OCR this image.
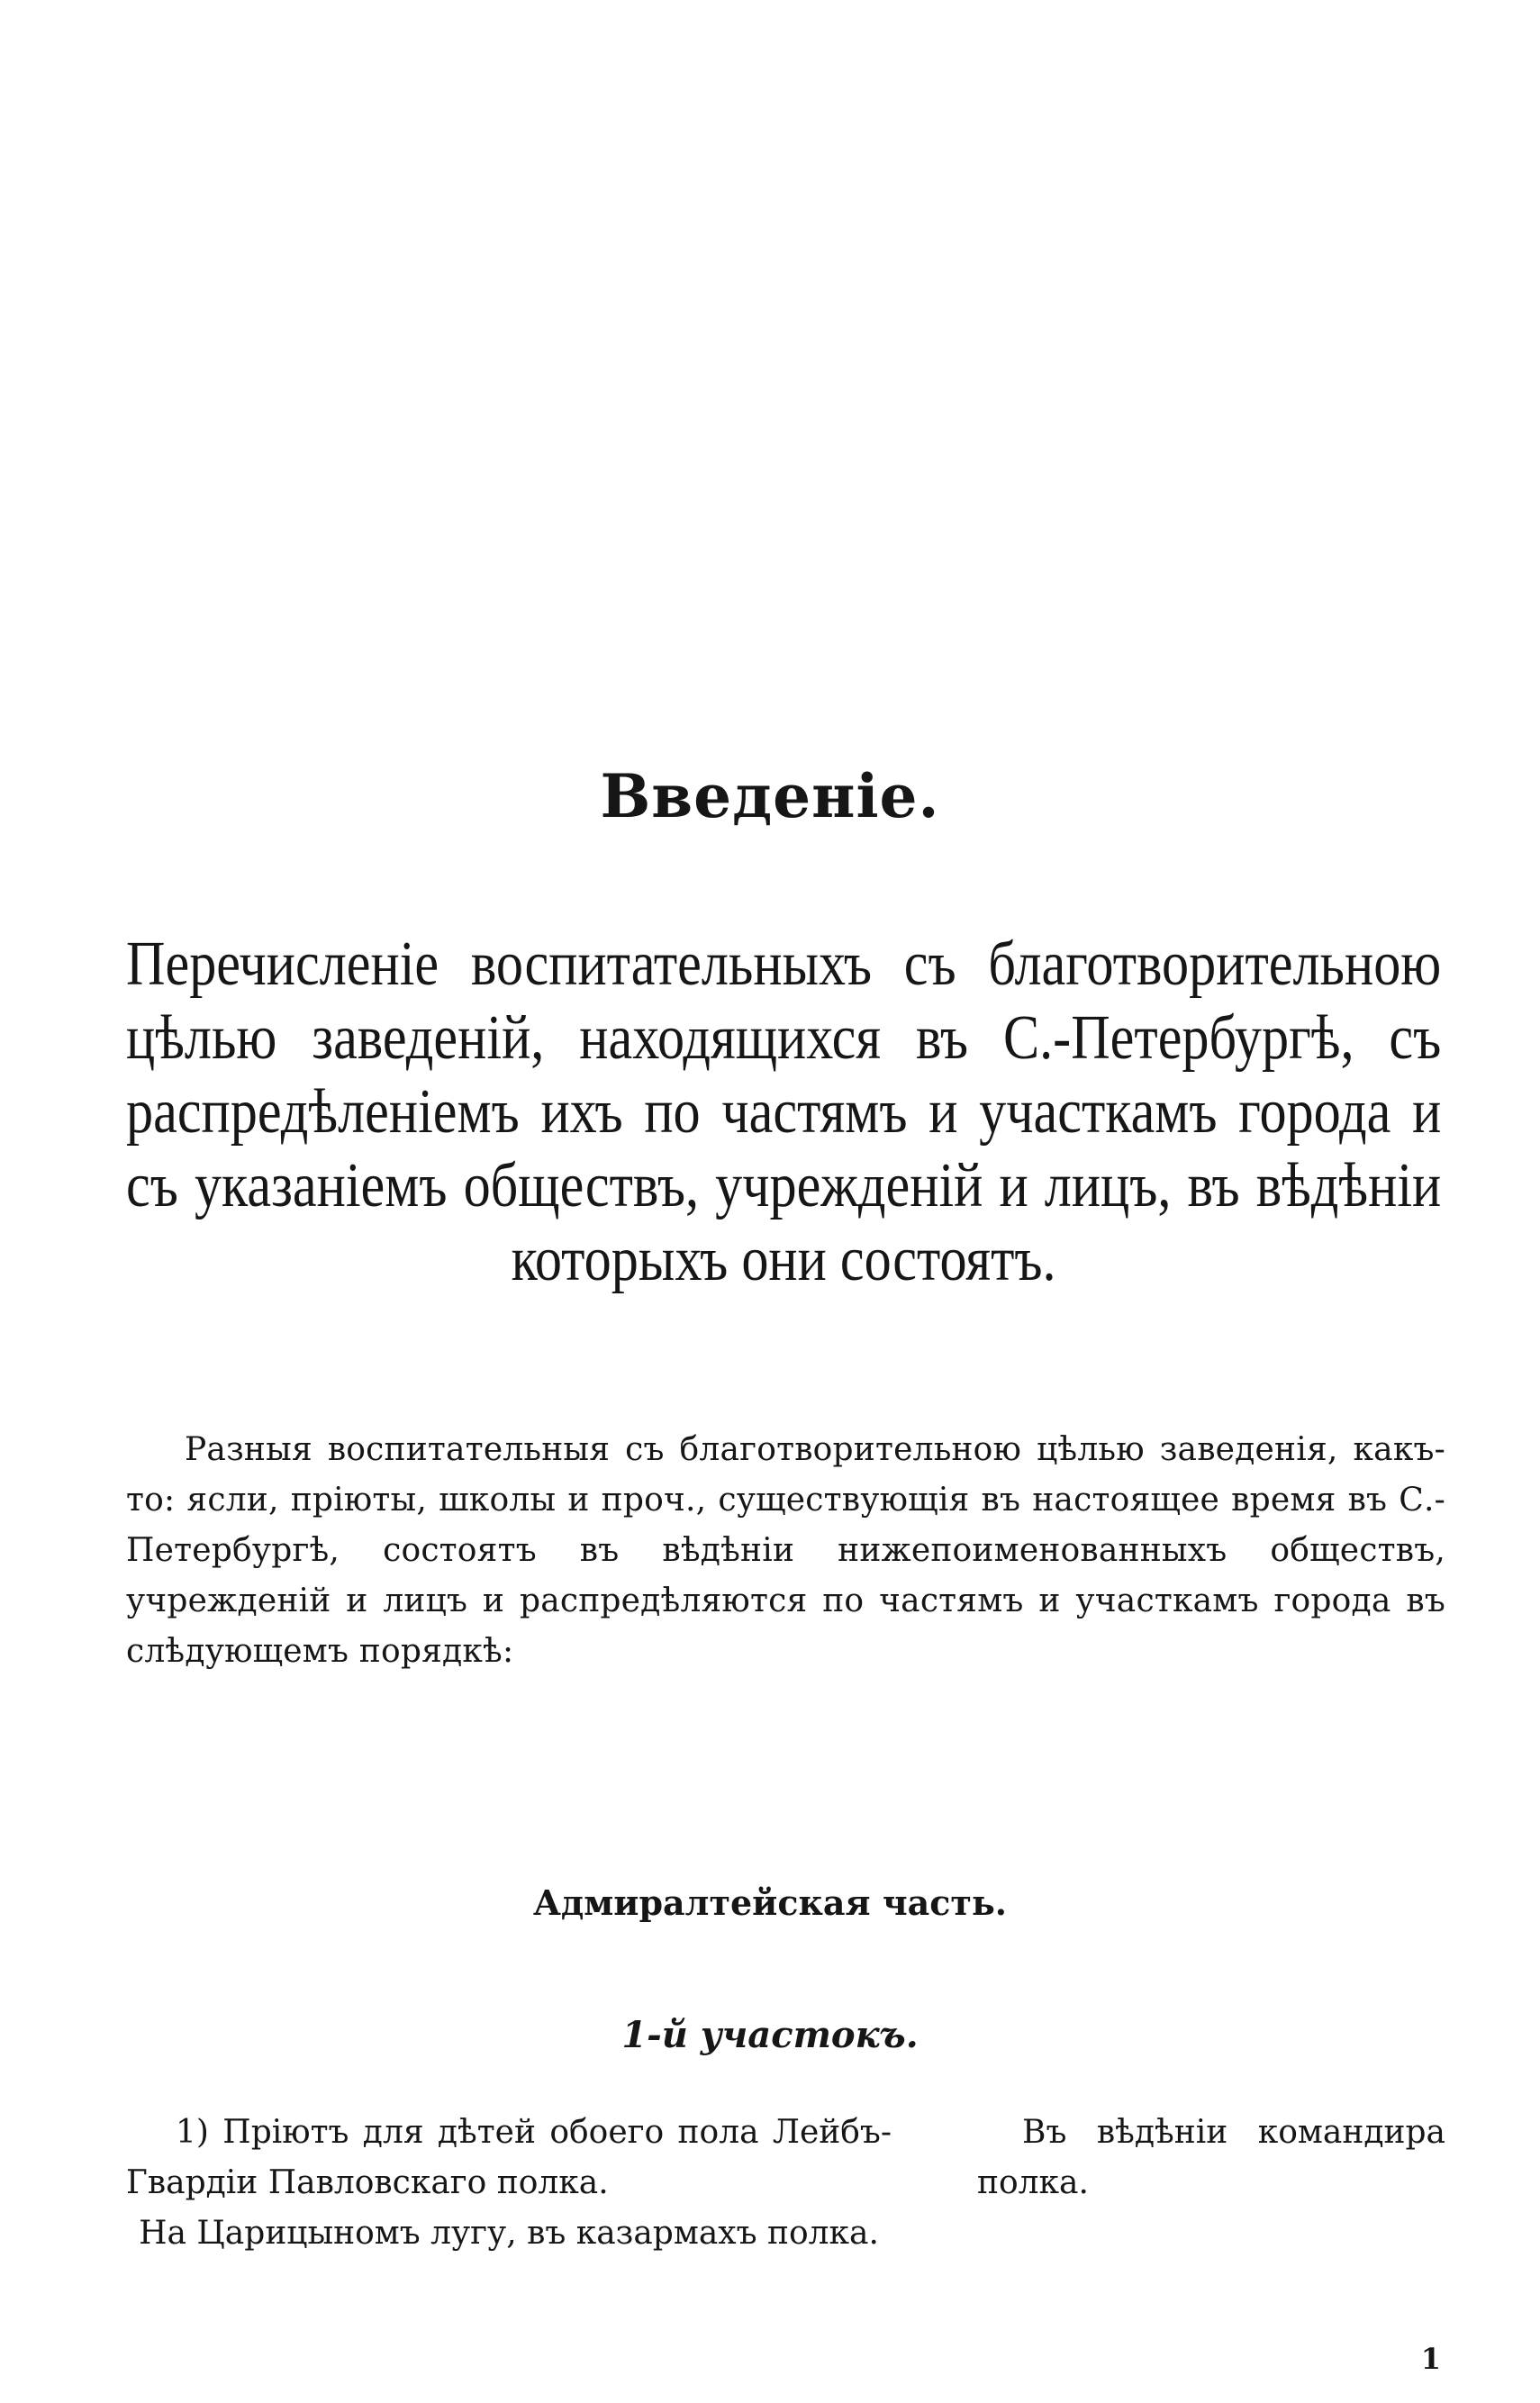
Введенiе.

Перечисленiе воспитательныхъ съ благотворительною цѣлью заведенiй, находящихся въ С.-Петербургѣ, съ распредѣленiемъ ихъ по частямъ и участкамъ города и съ указанiемъ обществъ, учрежденiй и лицъ, въ вѣдѣнiи которыхъ они состоятъ.

Разныя воспитательныя съ благотворительною цѣлью заведенiя, какъ-то: ясли, прiюты, школы и проч., существующiя въ настоящее время въ С.-Петербургѣ, состоятъ въ вѣдѣнiи нижепоименованныхъ обществъ, учрежденiй и лицъ и распредѣляются по частямъ и участкамъ города въ слѣдующемъ порядкѣ:

Адмиралтейская часть.
1-й участокъ.

1) Прiютъ для дѣтей обоего пола Лейбъ-Гвардiи Павловскаго полка.

На Царицыномъ лугу, въ казармахъ полка.

Въ вѣдѣнiи командира полка.

1
